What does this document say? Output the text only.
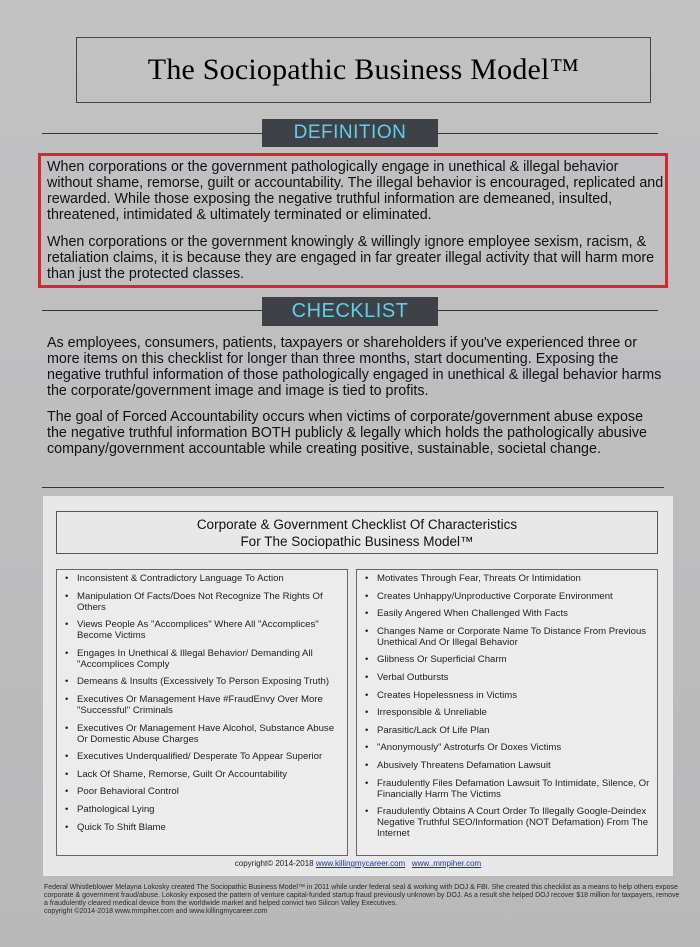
The Sociopathic Business Model™
DEFINITION

When corporations or the government pathologically engage in unethical & illegal behavior without shame, remorse, guilt or accountability. The illegal behavior is encouraged, replicated and rewarded. While those exposing the negative truthful information are demeaned, insulted, threatened, intimidated & ultimately terminated or eliminated.

When corporations or the government knowingly & willingly ignore employee sexism, racism, & retaliation claims, it is because they are engaged in far greater illegal activity that will harm more than just the protected classes.

CHECKLIST

As employees, consumers, patients, taxpayers or shareholders if you've experienced three or more items on this checklist for longer than three months, start documenting. Exposing the negative truthful information of those pathologically engaged in unethical & illegal behavior harms the corporate/government image and image is tied to profits.

The goal of Forced Accountability occurs when victims of corporate/government abuse expose the negative truthful information BOTH publicly & legally which holds the pathologically abusive company/government accountable while creating positive, sustainable, societal change.

Corporate & Government Checklist Of Characteristics
For The Sociopathic Business Model™
• Inconsistent & Contradictory Language To Action
• Manipulation Of Facts/Does Not Recognize The Rights Of Others
• Views People As "Accomplices" Where All "Accomplices" Become Victims
• Engages In Unethical & Illegal Behavior/ Demanding All "Accomplices Comply
• Demeans & Insults (Excessively To Person Exposing Truth)
• Executives Or Management Have #FraudEnvy Over More "Successful" Criminals
• Executives Or Management Have Alcohol, Substance Abuse Or Domestic Abuse Charges
• Executives Underqualified/ Desperate To Appear Superior
• Lack Of Shame, Remorse, Guilt Or Accountability
• Poor Behavioral Control
• Pathological Lying
• Quick To Shift Blame
• Motivates Through Fear, Threats Or Intimidation
• Creates Unhappy/Unproductive Corporate Environment
• Easily Angered When Challenged With Facts
• Changes Name or Corporate Name To Distance From Previous Unethical And Or Illegal Behavior
• Glibness Or Superficial Charm
• Verbal Outbursts
• Creates Hopelessness in Victims
• Irresponsible & Unreliable
• Parasitic/Lack Of Life Plan
• "Anonymously" Astroturfs Or Doxes Victims
• Abusively Threatens Defamation Lawsuit
• Fraudulently Files Defamation Lawsuit To Intimidate, Silence, Or Financially Harm The Victims
• Fraudulently Obtains A Court Order To Illegally Google-Deindex Negative Truthful SEO/Information (NOT Defamation) From The Internet
copyright© 2014-2018 www.killingmycareer.com www..mmpiher.com
Federal Whistleblower Melayna Lokosky created The Sociopathic Business Model™ in 2011 while under federal seal & working with DOJ & FBI. She created this checklist as a means to help others expose corporate & government fraud/abuse. Lokosky exposed the pattern of venture capital-funded startup fraud previously unknown by DOJ. As a result she helped DOJ recover $18 million for taxpayers, remove a fraudulently cleared medical device from the worldwide market and helped convict two Silicon Valley Executives.
copyright ©2014-2018 www.mmpiher.com and www.killingmycareer.com
